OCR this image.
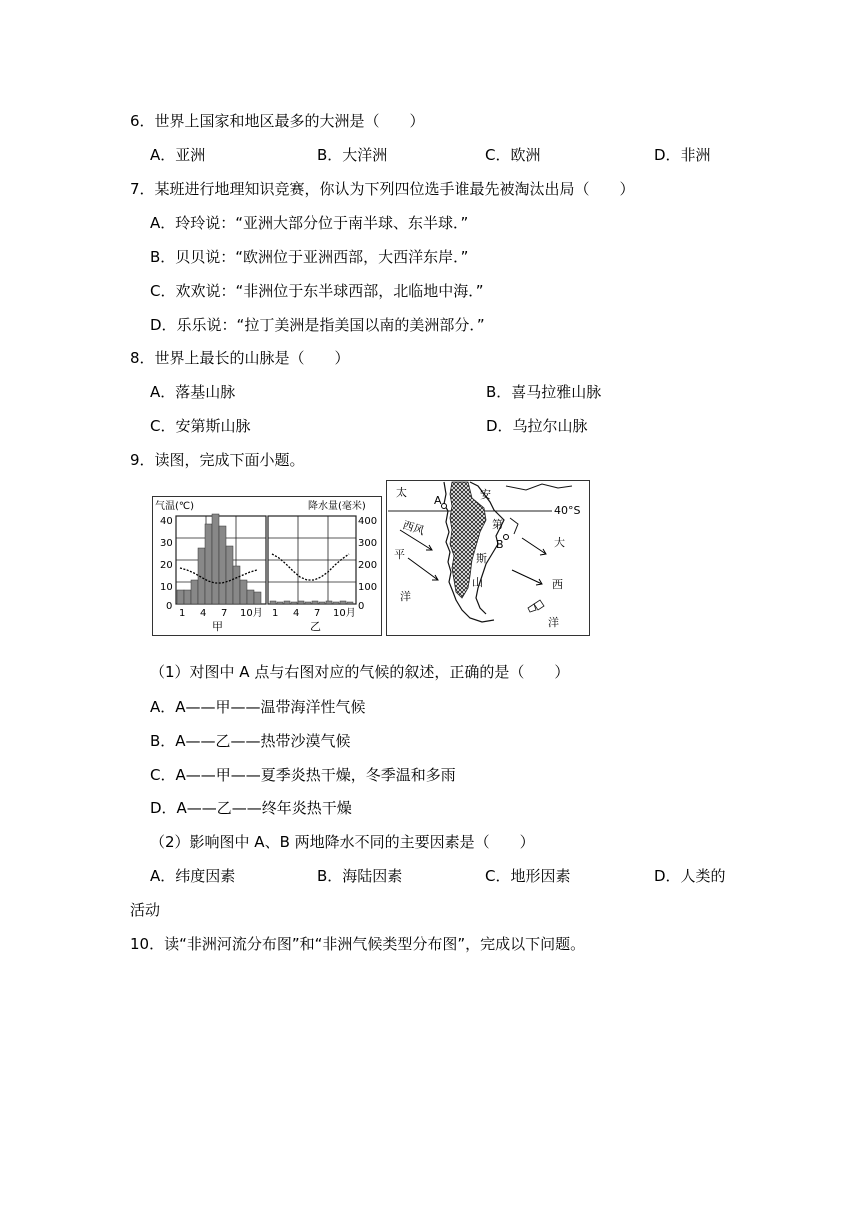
6．世界上国家和地区最多的大洲是（　　）
A．亚洲	B．大洋洲	C．欧洲	D．非洲
7．某班进行地理知识竞赛，你认为下列四位选手谁最先被淘汰出局（　　）
A．玲玲说：“亚洲大部分位于南半球、东半球．”
B．贝贝说：“欧洲位于亚洲西部，大西洋东岸．”
C．欢欢说：“非洲位于东半球西部，北临地中海．”
D．乐乐说：“拉丁美洲是指美国以南的美洲部分．”
8．世界上最长的山脉是（　　）
A．落基山脉	B．喜马拉雅山脉
C．安第斯山脉	D．乌拉尔山脉
9．读图，完成下面小题。
气温(℃)	降水量(毫米)
40
30
20
10
0
400
300
200
100
0
1 4 7 10月 1 4 7 10月
甲	乙
太
平
洋
安
第
斯
山
大
西
洋
A
B
西风
40°S
（1）对图中 A 点与右图对应的气候的叙述，正确的是（　　）
A．A——甲——温带海洋性气候
B．A——乙——热带沙漠气候
C．A——甲——夏季炎热干燥，冬季温和多雨
D．A——乙——终年炎热干燥
（2）影响图中 A、B 两地降水不同的主要因素是（　　）
A．纬度因素	B．海陆因素	C．地形因素	D．人类的
活动
10．读“非洲河流分布图”和“非洲气候类型分布图”，完成以下问题。
